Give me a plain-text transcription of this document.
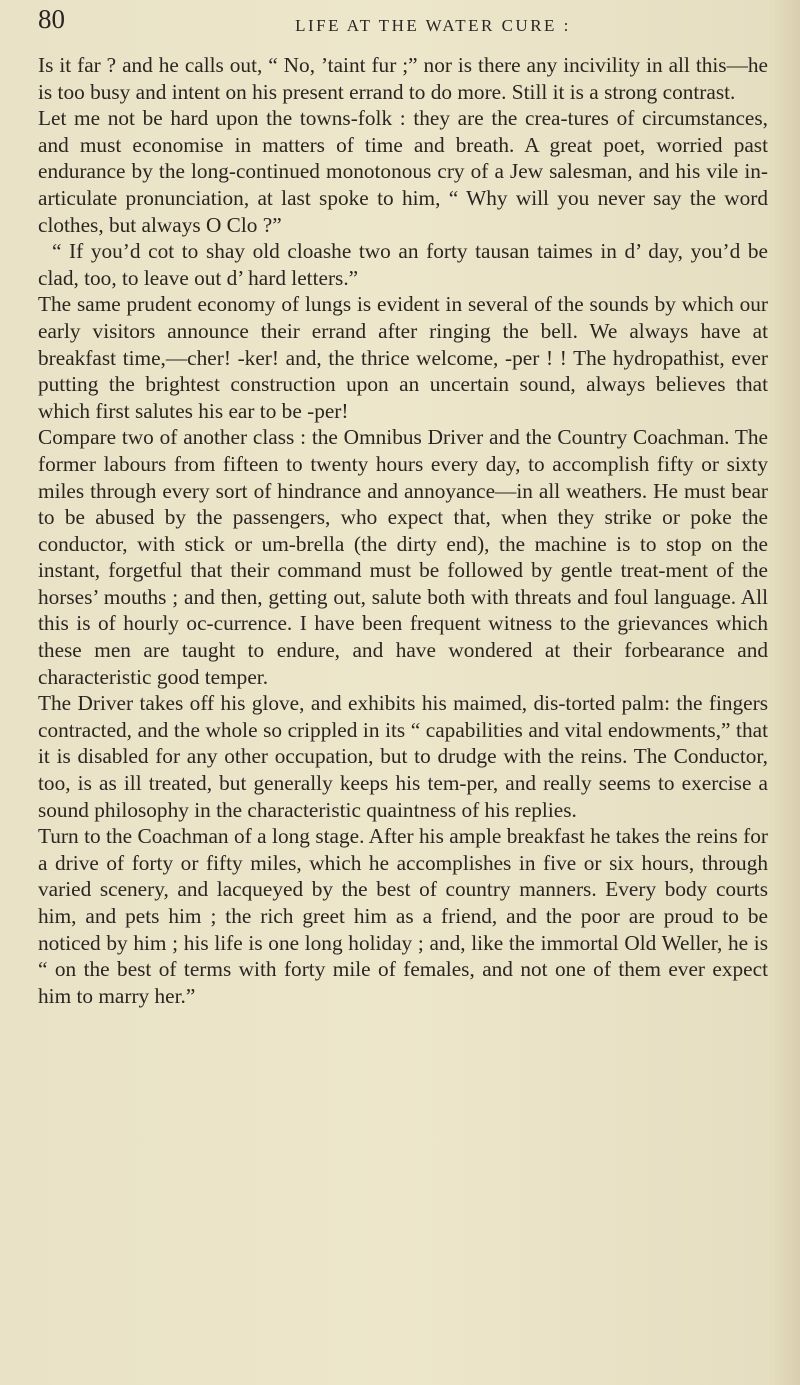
80	LIFE AT THE WATER CURE :

Is it far ? and he calls out, “ No, ’taint fur ;” nor is there any incivility in all this—he is too busy and intent on his present errand to do more. Still it is a strong contrast.

Let me not be hard upon the towns-folk : they are the crea-tures of circumstances, and must economise in matters of time and breath. A great poet, worried past endurance by the long-continued monotonous cry of a Jew salesman, and his vile in-articulate pronunciation, at last spoke to him, “ Why will you never say the word clothes, but always O Clo ?”

“ If you’d cot to shay old cloashe two an forty tausan taimes in d’ day, you’d be clad, too, to leave out d’ hard letters.”

The same prudent economy of lungs is evident in several of the sounds by which our early visitors announce their errand after ringing the bell. We always have at breakfast time,—cher! -ker! and, the thrice welcome, -per ! ! The hydropathist, ever putting the brightest construction upon an uncertain sound, always believes that which first salutes his ear to be -per!

Compare two of another class : the Omnibus Driver and the Country Coachman. The former labours from fifteen to twenty hours every day, to accomplish fifty or sixty miles through every sort of hindrance and annoyance—in all weathers. He must bear to be abused by the passengers, who expect that, when they strike or poke the conductor, with stick or um-brella (the dirty end), the machine is to stop on the instant, forgetful that their command must be followed by gentle treat-ment of the horses’ mouths ; and then, getting out, salute both with threats and foul language. All this is of hourly oc-currence. I have been frequent witness to the grievances which these men are taught to endure, and have wondered at their forbearance and characteristic good temper.

The Driver takes off his glove, and exhibits his maimed, dis-torted palm: the fingers contracted, and the whole so crippled in its “ capabilities and vital endowments,” that it is disabled for any other occupation, but to drudge with the reins. The Conductor, too, is as ill treated, but generally keeps his tem-per, and really seems to exercise a sound philosophy in the characteristic quaintness of his replies.

Turn to the Coachman of a long stage. After his ample breakfast he takes the reins for a drive of forty or fifty miles, which he accomplishes in five or six hours, through varied scenery, and lacqueyed by the best of country manners. Every body courts him, and pets him ; the rich greet him as a friend, and the poor are proud to be noticed by him ; his life is one long holiday ; and, like the immortal Old Weller, he is “ on the best of terms with forty mile of females, and not one of them ever expect him to marry her.”
